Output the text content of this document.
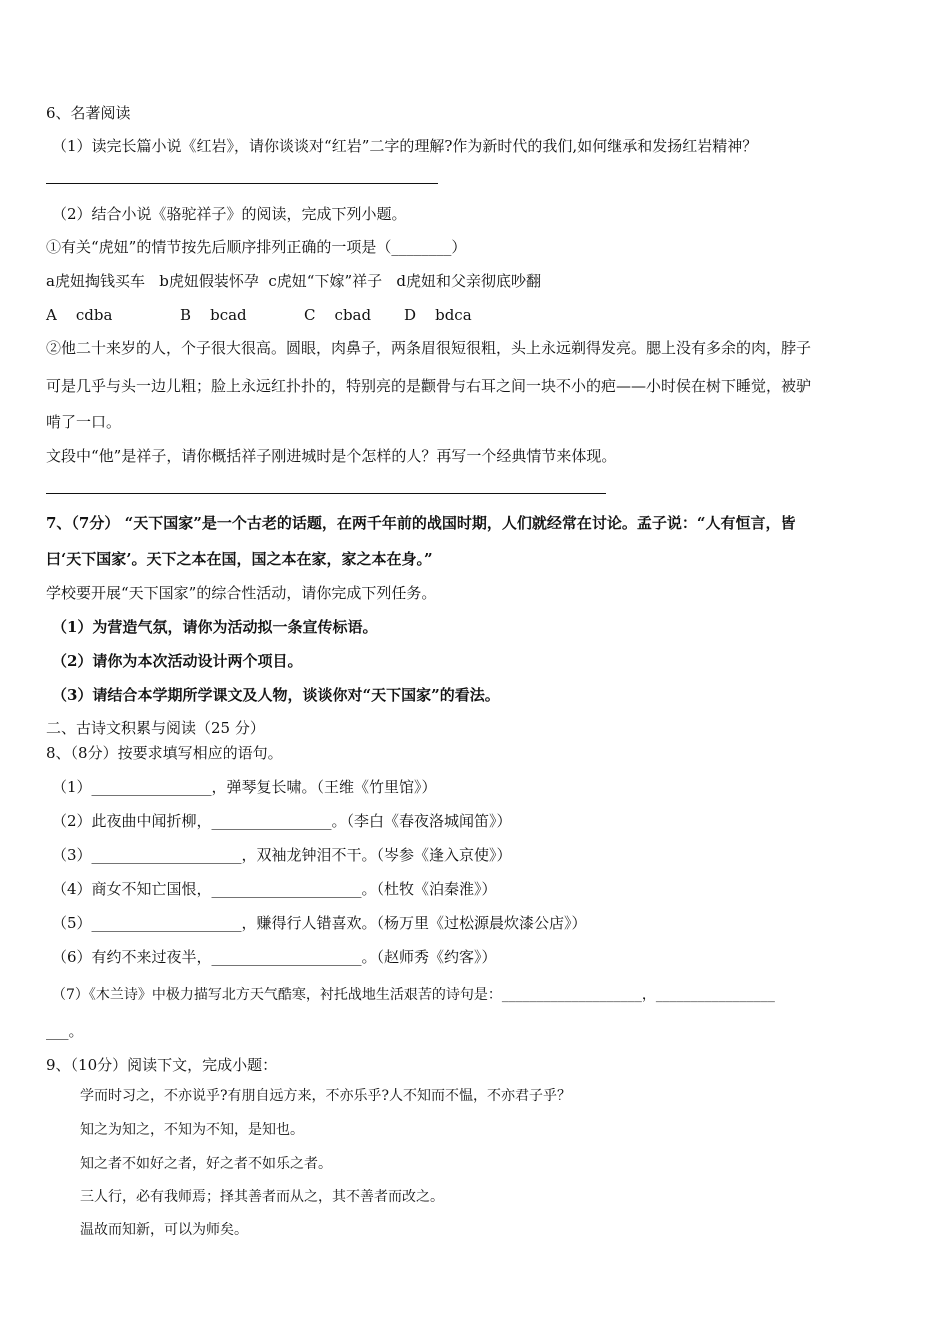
6、名著阅读
（1）读完长篇小说《红岩》，请你谈谈对“红岩”二字的理解?作为新时代的我们,如何继承和发扬红岩精神？
（2）结合小说《骆驼祥子》的阅读，完成下列小题。
①有关“虎妞”的情节按先后顺序排列正确的一项是（________）
a虎妞掏钱买车   b虎妞假装怀孕  c虎妞“下嫁”祥子   d虎妞和父亲彻底吵翻
A    cdba	B    bcad	C    cbad	D    bdca
②他二十来岁的人，个子很大很高。圆眼，肉鼻子，两条眉很短很粗，头上永远剃得发亮。腮上没有多余的肉，脖子
可是几乎与头一边儿粗；脸上永远红扑扑的，特别亮的是颧骨与右耳之间一块不小的疤——小时侯在树下睡觉，被驴
啃了一口。
文段中“他”是祥子，请你概括祥子刚进城时是个怎样的人？再写一个经典情节来体现。
7、（7分） “天下国家”是一个古老的话题，在两千年前的战国时期，人们就经常在讨论。孟子说：“人有恒言，皆
曰‘天下国家’。天下之本在国，国之本在家，家之本在身。”
学校要开展“天下国家”的综合性活动，请你完成下列任务。
（1）为营造气氛，请你为活动拟一条宣传标语。
（2）请你为本次活动设计两个项目。
（3）请结合本学期所学课文及人物，谈谈你对“天下国家”的看法。
二、古诗文积累与阅读（25 分）
8、（8分）按要求填写相应的语句。
（1）________________，弹琴复长啸。（王维《竹里馆》）
（2）此夜曲中闻折柳，________________。（李白《春夜洛城闻笛》）
（3）____________________，双袖龙钟泪不干。（岑参《逢入京使》）
（4）商女不知亡国恨，____________________。（杜牧《泊秦淮》）
（5）____________________，赚得行人错喜欢。（杨万里《过松源晨炊漆公店》）
（6）有约不来过夜半，____________________。（赵师秀《约客》）
（7）《木兰诗》中极力描写北方天气酷寒，衬托战地生活艰苦的诗句是：____________________，_________________
___。
9、（10分）阅读下文，完成小题：
学而时习之，不亦说乎?有朋自远方来，不亦乐乎?人不知而不愠，不亦君子乎？
知之为知之，不知为不知，是知也。
知之者不如好之者，好之者不如乐之者。
三人行，必有我师焉；择其善者而从之，其不善者而改之。
温故而知新，可以为师矣。
